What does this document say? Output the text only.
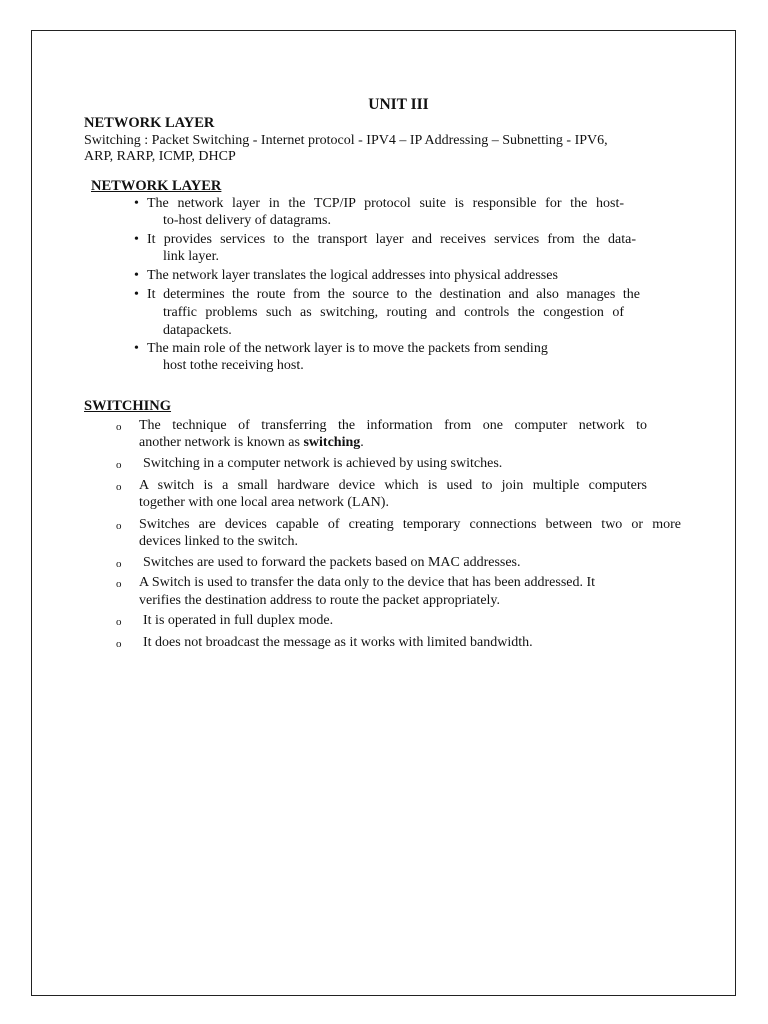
UNIT III
NETWORK LAYER
Switching : Packet Switching - Internet protocol - IPV4 – IP Addressing – Subnetting - IPV6,
ARP, RARP, ICMP, DHCP
NETWORK LAYER
• The network layer in the TCP/IP protocol suite is responsible for the host-
to-host delivery of datagrams.
• It provides services to the transport layer and receives services from the data-
link layer.
• The network layer translates the logical addresses into physical addresses
• It determines the route from the source to the destination and also manages the
traffic problems such as switching, routing and controls the congestion of
datapackets.
• The main role of the network layer is to move the packets from sending
host tothe receiving host.
SWITCHING
o The technique of transferring the information from one computer network to
another network is known as switching.
o Switching in a computer network is achieved by using switches.
o A switch is a small hardware device which is used to join multiple computers
together with one local area network (LAN).
o Switches are devices capable of creating temporary connections between two or more
devices linked to the switch.
o Switches are used to forward the packets based on MAC addresses.
o A Switch is used to transfer the data only to the device that has been addressed. It
verifies the destination address to route the packet appropriately.
o It is operated in full duplex mode.
o It does not broadcast the message as it works with limited bandwidth.
